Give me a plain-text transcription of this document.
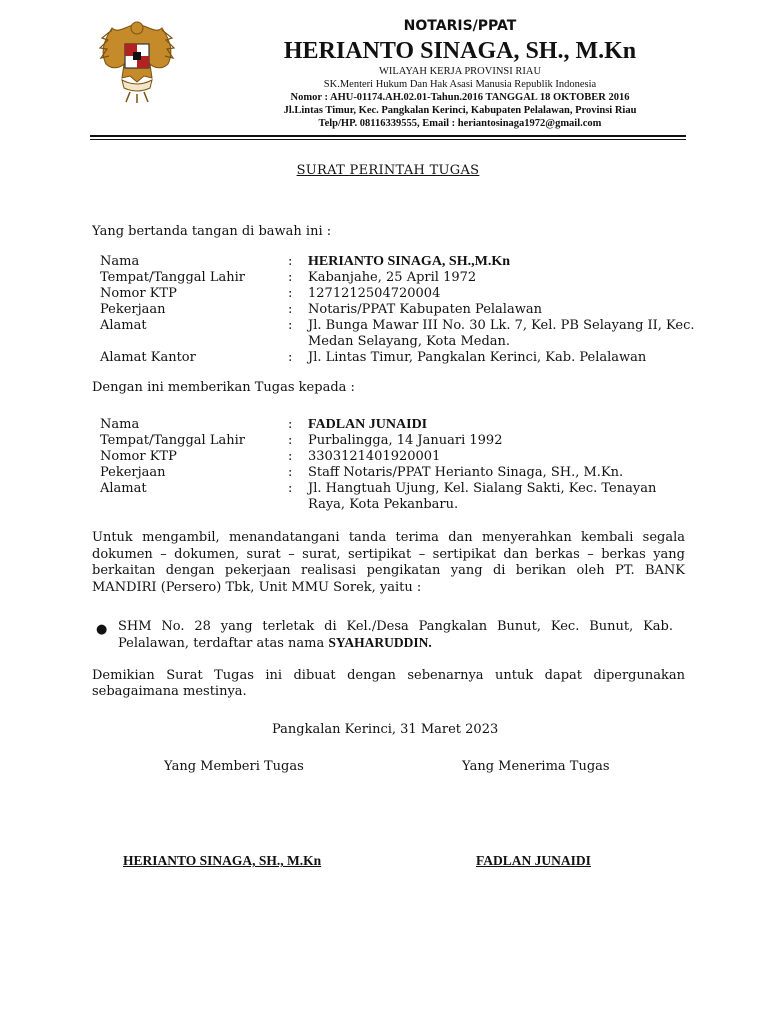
NOTARIS/PPAT
HERIANTO SINAGA, SH., M.Kn
WILAYAH KERJA PROVINSI RIAU
SK.Menteri Hukum Dan Hak Asasi Manusia Republik Indonesia
Nomor : AHU-01174.AH.02.01-Tahun.2016 TANGGAL 18 OKTOBER 2016
Jl.Lintas Timur, Kec. Pangkalan Kerinci, Kabupaten Pelalawan, Provinsi Riau
Telp/HP. 08116339555, Email : heriantosinaga1972@gmail.com
SURAT PERINTAH TUGAS
Yang bertanda tangan di bawah ini :
Nama	: HERIANTO SINAGA, SH.,M.Kn
Tempat/Tanggal Lahir	: Kabanjahe, 25 April 1972
Nomor KTP	: 1271212504720004
Pekerjaan	: Notaris/PPAT Kabupaten Pelalawan
Alamat	: Jl. Bunga Mawar III No. 30 Lk. 7, Kel. PB Selayang II, Kec. Medan Selayang, Kota Medan.
Alamat Kantor	: Jl. Lintas Timur, Pangkalan Kerinci, Kab. Pelalawan
Dengan ini memberikan Tugas kepada :
Nama	: FADLAN JUNAIDI
Tempat/Tanggal Lahir	: Purbalingga, 14 Januari 1992
Nomor KTP	: 3303121401920001
Pekerjaan	: Staff Notaris/PPAT Herianto Sinaga, SH., M.Kn.
Alamat	: Jl. Hangtuah Ujung, Kel. Sialang Sakti, Kec. Tenayan Raya, Kota Pekanbaru.
Untuk mengambil, menandatangani tanda terima dan menyerahkan kembali segala dokumen – dokumen, surat – surat, sertipikat – sertipikat dan berkas – berkas yang berkaitan dengan pekerjaan realisasi pengikatan yang di berikan oleh PT. BANK MANDIRI (Persero) Tbk, Unit MMU Sorek, yaitu :
● SHM No. 28 yang terletak di Kel./Desa Pangkalan Bunut, Kec. Bunut, Kab. Pelalawan, terdaftar atas nama SYAHARUDDIN.
Demikian Surat Tugas ini dibuat dengan sebenarnya untuk dapat dipergunakan sebagaimana mestinya.
Pangkalan Kerinci, 31 Maret 2023
Yang Memberi Tugas	Yang Menerima Tugas
HERIANTO SINAGA, SH., M.Kn	FADLAN JUNAIDI
